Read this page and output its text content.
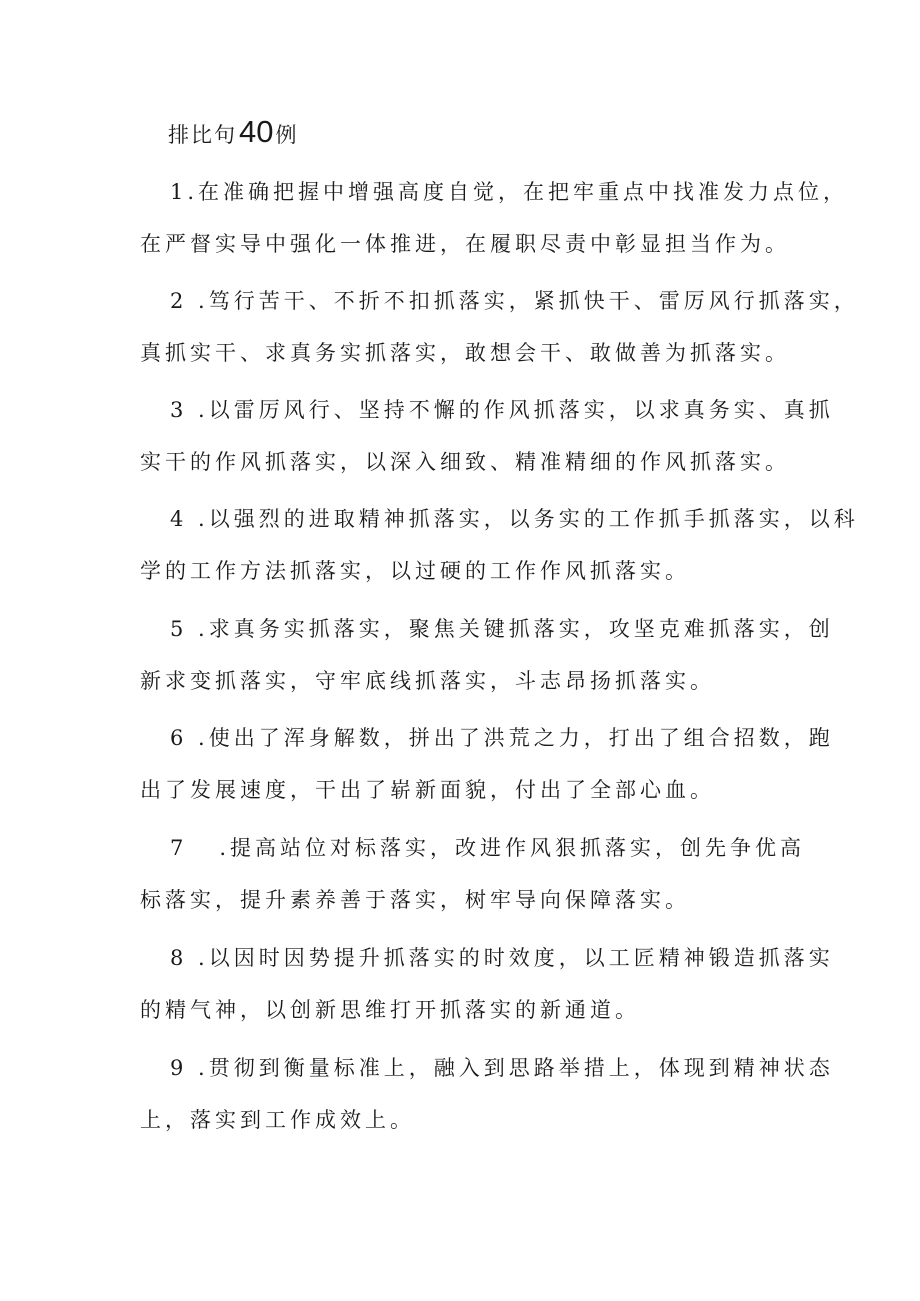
排比句40例
1.在准确把握中增强高度自觉，在把牢重点中找准发力点位，
在严督实导中强化一体推进，在履职尽责中彰显担当作为。
2 .笃行苦干、不折不扣抓落实，紧抓快干、雷厉风行抓落实，
真抓实干、求真务实抓落实，敢想会干、敢做善为抓落实。
3 .以雷厉风行、坚持不懈的作风抓落实，以求真务实、真抓
实干的作风抓落实，以深入细致、精准精细的作风抓落实。
4 .以强烈的进取精神抓落实，以务实的工作抓手抓落实，以科
学的工作方法抓落实，以过硬的工作作风抓落实。
5 .求真务实抓落实，聚焦关键抓落实，攻坚克难抓落实，创
新求变抓落实，守牢底线抓落实，斗志昂扬抓落实。
6 .使出了浑身解数，拼出了洪荒之力，打出了组合招数，跑
出了发展速度，干出了崭新面貌，付出了全部心血。
7 .提高站位对标落实，改进作风狠抓落实，创先争优高
标落实，提升素养善于落实，树牢导向保障落实。
8 .以因时因势提升抓落实的时效度，以工匠精神锻造抓落实
的精气神，以创新思维打开抓落实的新通道。
9 .贯彻到衡量标准上，融入到思路举措上，体现到精神状态
上，落实到工作成效上。
